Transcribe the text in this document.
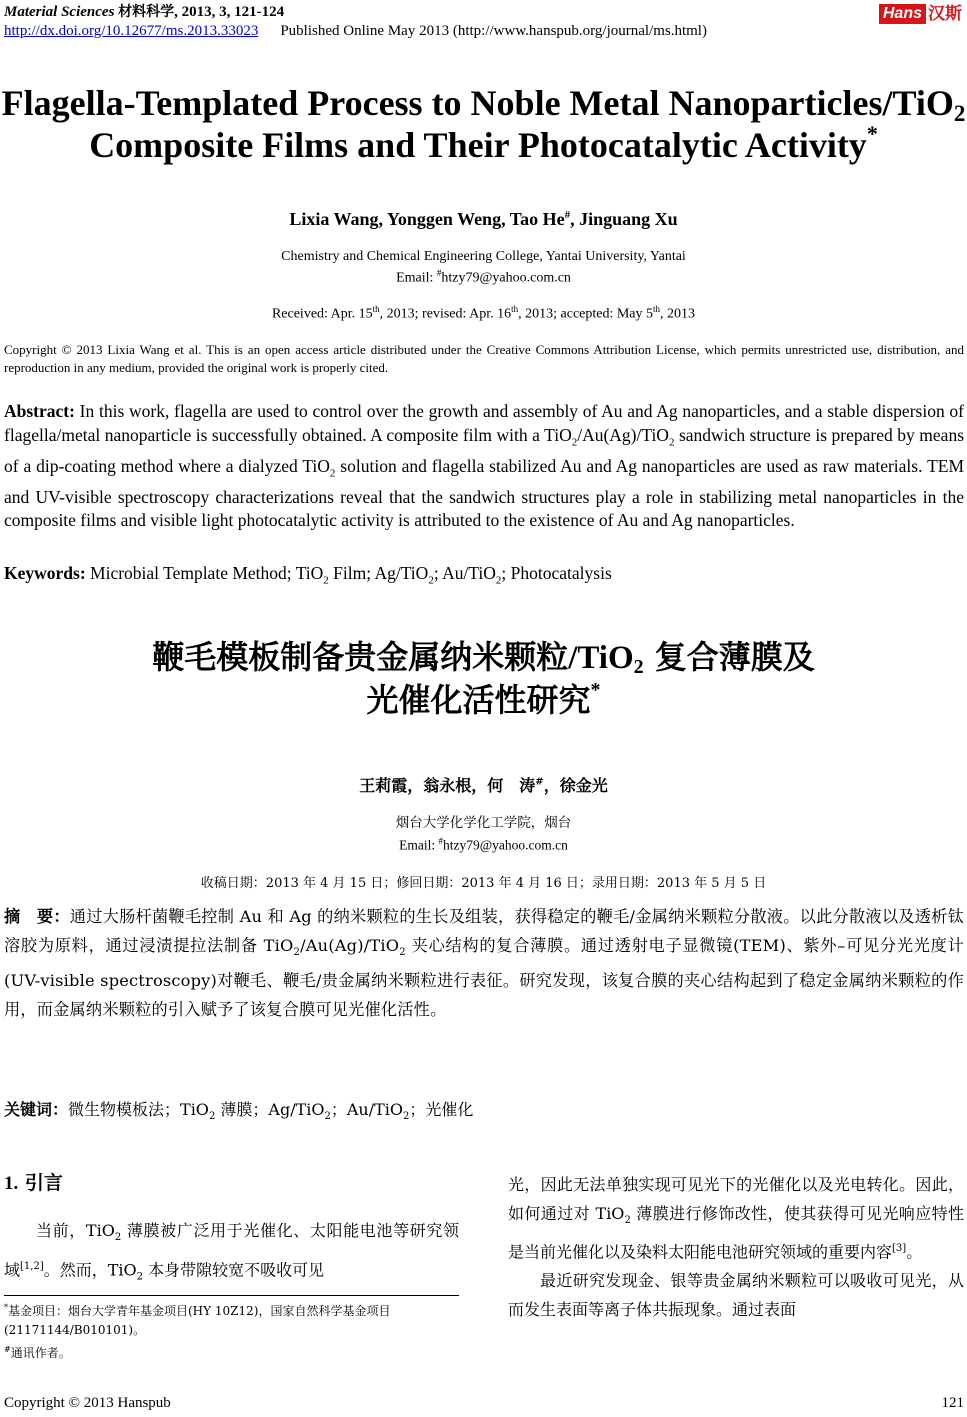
Material Sciences 材料科学, 2013, 3, 121-124
http://dx.doi.org/10.12677/ms.2013.33023 Published Online May 2013 (http://www.hanspub.org/journal/ms.html)
Hans 汉斯
Flagella-Templated Process to Noble Metal Nanoparticles/TiO$_2$
Composite Films and Their Photocatalytic Activity*
Lixia Wang, Yonggen Weng, Tao He#, Jinguang Xu
Chemistry and Chemical Engineering College, Yantai University, Yantai
Email: #htzy79@yahoo.com.cn
Received: Apr. 15th, 2013; revised: Apr. 16th, 2013; accepted: May 5th, 2013
Copyright © 2013 Lixia Wang et al. This is an open access article distributed under the Creative Commons Attribution License, which permits unrestricted use, distribution, and reproduction in any medium, provided the original work is properly cited.
Abstract: In this work, flagella are used to control over the growth and assembly of Au and Ag nanoparticles, and a stable dispersion of flagella/metal nanoparticle is successfully obtained. A composite film with a TiO$_2$/Au(Ag)/TiO$_2$ sandwich structure is prepared by means of a dip-coating method where a dialyzed TiO$_2$ solution and flagella stabilized Au and Ag nanoparticles are used as raw materials. TEM and UV-visible spectroscopy characterizations reveal that the sandwich structures play a role in stabilizing metal nanoparticles in the composite films and visible light photocatalytic activity is attributed to the existence of Au and Ag nanoparticles.
Keywords: Microbial Template Method; TiO$_2$ Film; Ag/TiO$_2$; Au/TiO$_2$; Photocatalysis
鞭毛模板制备贵金属纳米颗粒/TiO$_2$ 复合薄膜及
光催化活性研究*
王莉霞，翁永根，何　涛#，徐金光
烟台大学化学化工学院，烟台
Email: #htzy79@yahoo.com.cn
收稿日期：2013 年 4 月 15 日；修回日期：2013 年 4 月 16 日；录用日期：2013 年 5 月 5 日
摘　要：通过大肠杆菌鞭毛控制 Au 和 Ag 的纳米颗粒的生长及组装，获得稳定的鞭毛/金属纳米颗粒分散液。以此分散液以及透析钛溶胶为原料，通过浸渍提拉法制备 TiO$_2$/Au(Ag)/TiO$_2$ 夹心结构的复合薄膜。通过透射电子显微镜(TEM)、紫外–可见分光光度计(UV-visible spectroscopy)对鞭毛、鞭毛/贵金属纳米颗粒进行表征。研究发现，该复合膜的夹心结构起到了稳定金属纳米颗粒的作用，而金属纳米颗粒的引入赋予了该复合膜可见光催化活性。
关键词：微生物模板法；TiO$_2$ 薄膜；Ag/TiO$_2$；Au/TiO$_2$；光催化
1. 引言

当前，TiO$_2$ 薄膜被广泛用于光催化、太阳能电池等研究领域[1,2]。然而，TiO$_2$ 本身带隙较宽不吸收可见

*基金项目：烟台大学青年基金项目(HY 10Z12)，国家自然科学基金项目(21171144/B010101)。
#通讯作者。

光，因此无法单独实现可见光下的光催化以及光电转化。因此，如何通过对 TiO$_2$ 薄膜进行修饰改性，使其获得可见光响应特性是当前光催化以及染料太阳能电池研究领域的重要内容[3]。

最近研究发现金、银等贵金属纳米颗粒可以吸收可见光，从而发生表面等离子体共振现象。通过表面

Copyright © 2013 Hanspub	121
